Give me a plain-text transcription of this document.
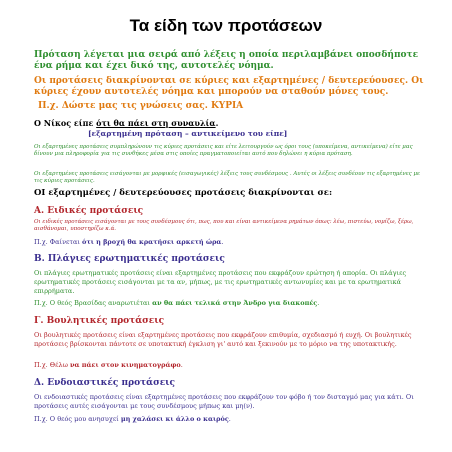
Τα είδη των προτάσεων

Πρόταση λέγεται μια σειρά από λέξεις η οποία περιλαμβάνει οποσδήποτε ένα ρήμα και έχει δικό της, αυτοτελές νόημα.

Οι προτάσεις διακρίνονται σε κύριες και εξαρτημένες / δευτερεύουσες. Οι κύριες έχουν αυτοτελές νόημα και μπορούν να σταθούν μόνες τους.

Π.χ. Δώστε μας τις γνώσεις σας. ΚΥΡΙΑ

Ο Νίκος είπε ότι θα πάει στη συναυλία.

[εξαρτημένη πρόταση – αντικείμενο του είπε]

Οι εξαρτημένες προτάσεις συμπληρώνουν τις κύριες προτάσεις και είτε λειτουργούν ως όροι τους (υποκείμενα, αντικείμενα) είτε μας δίνουν μια πληροφορία για τις συνθήκες μέσα στις οποίες πραγματοποιείται αυτό που δηλώνει η κύρια πρόταση.

Οι εξαρτημένες προτάσεις εισάγονται με μορφικές (εισαγωγικές) λέξεις τους συνδέσμους . Αυτές οι λέξεις συνδέουν τις εξαρτημένες με τις κύριες προτάσεις.

ΟΙ εξαρτημένες / δευτερεύουσες προτάσεις διακρίνονται σε:

Α. Ειδικές προτάσεις

Οι ειδικές προτάσεις εισάγονται με τους συνδέσμους ότι, πως, που και είναι αντικείμενα ρημάτων όπως: λέω, πιστεύω, νομίζω, ξέρω, αισθάνομαι, υποστηρίζω κ.ά.

Π.χ. Φαίνεται ότι η βροχή θα κρατήσει αρκετή ώρα.

Β. Πλάγιες ερωτηματικές προτάσεις

Οι πλάγιες ερωτηματικές προτάσεις είναι εξαρτημένες προτάσεις που εκφράζουν ερώτηση ή απορία. Οι πλάγιες ερωτηματικές προτάσεις εισάγονται με τα αν, μήπως, με τις ερωτηματικές αντωνυμίες και με τα ερωτηματικά επιρρήματα.

Π.χ. Ο θεός Βρασίδας αναρωτιέται αν θα πάει τελικά στην Άνδρο για διακοπές.

Γ. Βουλητικές προτάσεις

Οι βουλητικές προτάσεις είναι εξαρτημένες προτάσεις που εκφράζουν επιθυμία, σχεδιασμό ή ευχή. Οι βουλητικές προτάσεις βρίσκονται πάντοτε σε υποτακτική έγκλιση γι' αυτό και ξεκινούν με το μόριο να της υποτακτικής.

Π.χ. Θέλω να πάει στον κινηματογράφο.

Δ. Ενδοιαστικές προτάσεις

Οι ενδοιαστικές προτάσεις είναι εξαρτημένες προτάσεις που εκφράζουν τον φόβο ή τον δισταγμό μας για κάτι. Οι προτάσεις αυτές εισάγονται με τους συνδέσμους μήπως και μη(ν).

Π.χ. Ο θεός μου ανησυχεί μη χαλάσει κι άλλο ο καιρός.
